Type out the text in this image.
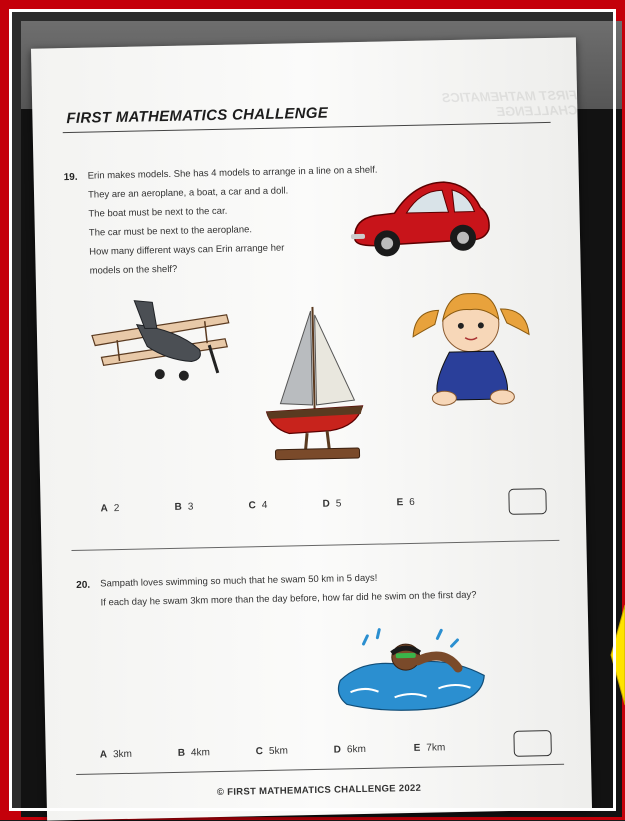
FIRST MATHEMATICS CHALLENGE
FIRST MATHEMATICS CHALLENGE
19. Erin makes models. She has 4 models to arrange in a line on a shelf.
They are an aeroplane, a boat, a car and a doll.
The boat must be next to the car.
The car must be next to the aeroplane.
How many different ways can Erin arrange her
models on the shelf?
A 2	B 3	C 4	D 5	E 6
20. Sampath loves swimming so much that he swam 50 km in 5 days!
If each day he swam 3km more than the day before, how far did he swim on the first day?
A 3km	B 4km	C 5km	D 6km	E 7km
© FIRST MATHEMATICS CHALLENGE 2022
